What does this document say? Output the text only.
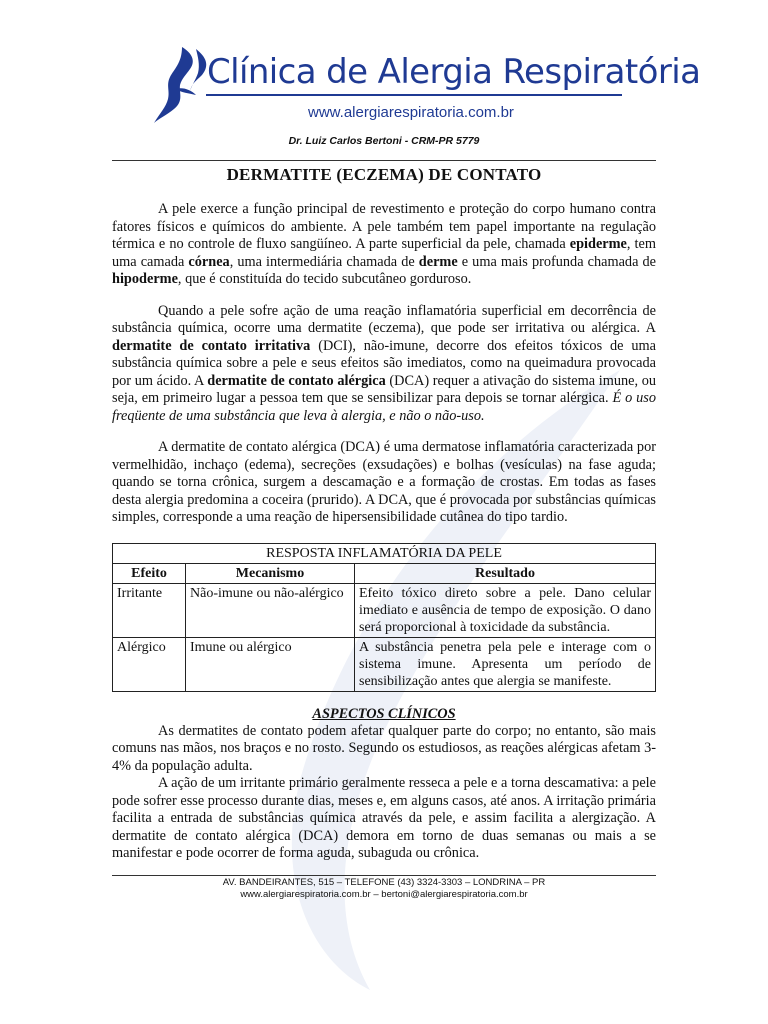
Clínica de Alergia Respiratória
www.alergiarespiratoria.com.br
Dr. Luiz Carlos Bertoni - CRM-PR 5779
DERMATITE (ECZEMA) DE CONTATO

A pele exerce a função principal de revestimento e proteção do corpo humano contra fatores físicos e químicos do ambiente. A pele também tem papel importante na regulação térmica e no controle de fluxo sangüíneo. A parte superficial da pele, chamada epiderme, tem uma camada córnea, uma intermediária chamada de derme e uma mais profunda chamada de hipoderme, que é constituída do tecido subcutâneo gorduroso.

Quando a pele sofre ação de uma reação inflamatória superficial em decorrência de substância química, ocorre uma dermatite (eczema), que pode ser irritativa ou alérgica. A dermatite de contato irritativa (DCI), não-imune, decorre dos efeitos tóxicos de uma substância química sobre a pele e seus efeitos são imediatos, como na queimadura provocada por um ácido. A dermatite de contato alérgica (DCA) requer a ativação do sistema imune, ou seja, em primeiro lugar a pessoa tem que se sensibilizar para depois se tornar alérgica. É o uso freqüente de uma substância que leva à alergia, e não o não-uso.

A dermatite de contato alérgica (DCA) é uma dermatose inflamatória caracterizada por vermelhidão, inchaço (edema), secreções (exsudações) e bolhas (vesículas) na fase aguda; quando se torna crônica, surgem a descamação e a formação de crostas. Em todas as fases desta alergia predomina a coceira (prurido). A DCA, que é provocada por substâncias químicas simples, corresponde a uma reação de hipersensibilidade cutânea do tipo tardio.

RESPOSTA INFLAMATÓRIA DA PELE		
Efeito	Mecanismo	Resultado
Irritante	Não-imune ou não-alérgico	Efeito tóxico direto sobre a pele. Dano celular imediato e ausência de tempo de exposição. O dano será proporcional à toxicidade da substância.
Alérgico	Imune ou alérgico	A substância penetra pela pele e interage com o sistema imune. Apresenta um período de sensibilização antes que alergia se manifeste.
ASPECTOS CLÍNICOS

As dermatites de contato podem afetar qualquer parte do corpo; no entanto, são mais comuns nas mãos, nos braços e no rosto. Segundo os estudiosos, as reações alérgicas afetam 3-4% da população adulta.

A ação de um irritante primário geralmente resseca a pele e a torna descamativa: a pele pode sofrer esse processo durante dias, meses e, em alguns casos, até anos. A irritação primária facilita a entrada de substâncias química através da pele, e assim facilita a alergização. A dermatite de contato alérgica (DCA) demora em torno de duas semanas ou mais a se manifestar e pode ocorrer de forma aguda, subaguda ou crônica.

AV. BANDEIRANTES, 515 – TELEFONE (43) 3324-3303 – LONDRINA – PR
www.alergiarespiratoria.com.br – bertoni@alergiarespiratoria.com.br
